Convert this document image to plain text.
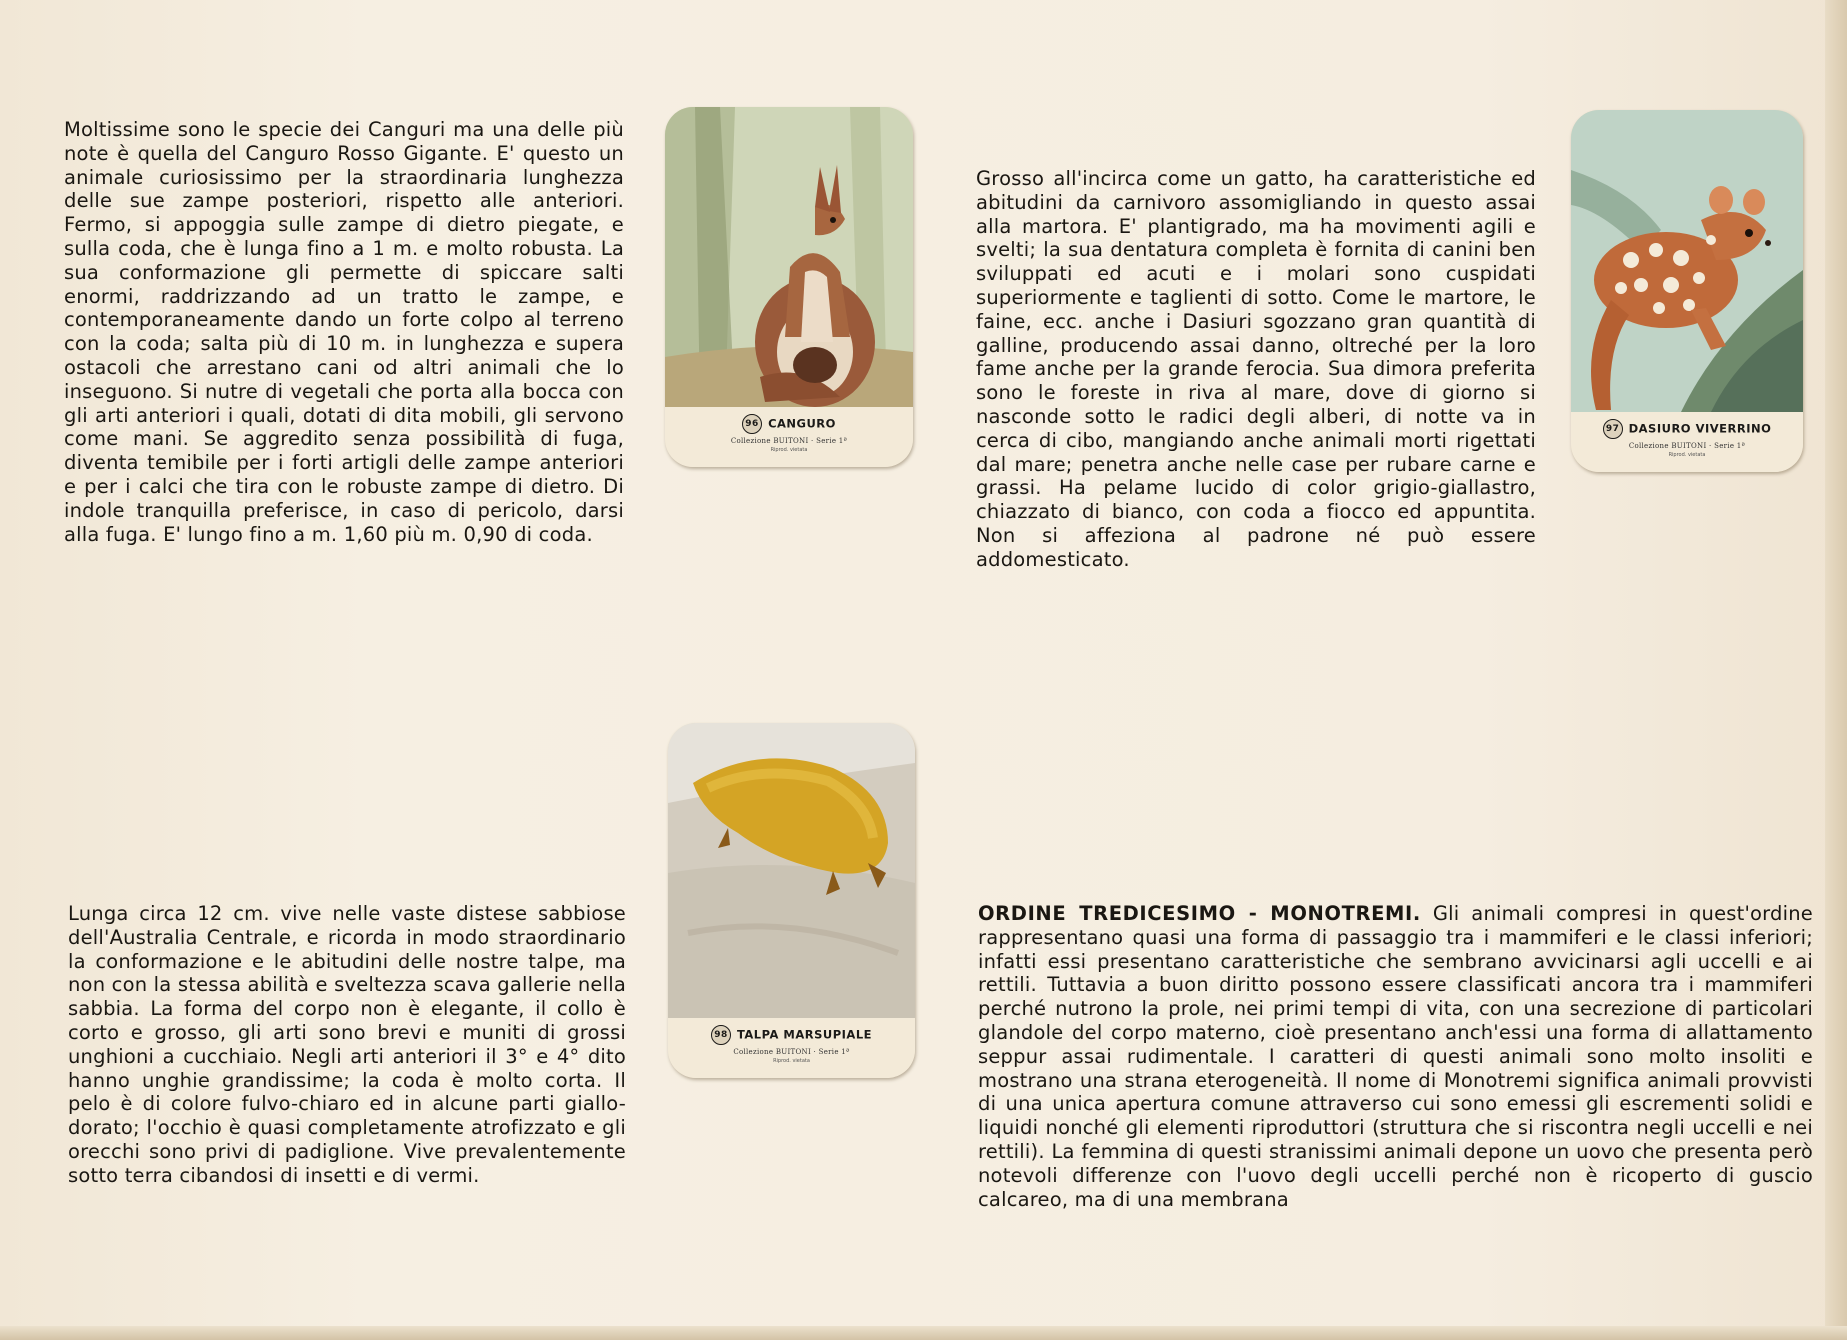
Moltissime sono le specie dei Canguri ma una delle più note è quella del Canguro Rosso Gigante. E' questo un animale curiosissimo per la straordinaria lunghezza delle sue zampe posteriori, rispetto alle anteriori. Fermo, si appoggia sulle zampe di dietro piegate, e sulla coda, che è lunga fino a 1 m. e molto robusta. La sua conformazione gli permette di spiccare salti enormi, raddrizzando ad un tratto le zampe, e contemporaneamente dando un forte colpo al terreno con la coda; salta più di 10 m. in lunghezza e supera ostacoli che arrestano cani od altri animali che lo inseguono. Si nutre di vegetali che porta alla bocca con gli arti anteriori i quali, dotati di dita mobili, gli servono come mani. Se aggredito senza possibilità di fuga, diventa temibile per i forti artigli delle zampe anteriori e per i calci che tira con le robuste zampe di dietro. Di indole tranquilla preferisce, in caso di pericolo, darsi alla fuga. E' lungo fino a m. 1,60 più m. 0,90 di coda.

96 CANGURO
Collezione BUITONI · Serie 1ª
Riprod. vietata

Grosso all'incirca come un gatto, ha caratteristiche ed abitudini da carnivoro assomigliando in questo assai alla martora. E' plantigrado, ma ha movimenti agili e svelti; la sua dentatura completa è fornita di canini ben sviluppati ed acuti e i molari sono cuspidati superiormente e taglienti di sotto. Come le martore, le faine, ecc. anche i Dasiuri sgozzano gran quantità di galline, producendo assai danno, oltreché per la loro fame anche per la grande ferocia. Sua dimora preferita sono le foreste in riva al mare, dove di giorno si nasconde sotto le radici degli alberi, di notte va in cerca di cibo, mangiando anche animali morti rigettati dal mare; penetra anche nelle case per rubare carne e grassi. Ha pelame lucido di color grigio-giallastro, chiazzato di bianco, con coda a fiocco ed appuntita. Non si affeziona al padrone né può essere addomesticato.

97 DASIURO VIVERRINO
Collezione BUITONI · Serie 1ª
Riprod. vietata
98 TALPA MARSUPIALE
Collezione BUITONI · Serie 1ª
Riprod. vietata

Lunga circa 12 cm. vive nelle vaste distese sabbiose dell'Australia Centrale, e ricorda in modo straordinario la conformazione e le abitudini delle nostre talpe, ma non con la stessa abilità e sveltezza scava gallerie nella sabbia. La forma del corpo non è elegante, il collo è corto e grosso, gli arti sono brevi e muniti di grossi unghioni a cucchiaio. Negli arti anteriori il 3° e 4° dito hanno unghie grandissime; la coda è molto corta. Il pelo è di colore fulvo-chiaro ed in alcune parti giallo-dorato; l'occhio è quasi completamente atrofizzato e gli orecchi sono privi di padiglione. Vive prevalentemente sotto terra cibandosi di insetti e di vermi.

ORDINE TREDICESIMO - MONOTREMI. Gli animali compresi in quest'ordine rappresentano quasi una forma di passaggio tra i mammiferi e le classi inferiori; infatti essi presentano caratteristiche che sembrano avvicinarsi agli uccelli e ai rettili. Tuttavia a buon diritto possono essere classificati ancora tra i mammiferi perché nutrono la prole, nei primi tempi di vita, con una secrezione di particolari glandole del corpo materno, cioè presentano anch'essi una forma di allattamento seppur assai rudimentale. I caratteri di questi animali sono molto insoliti e mostrano una strana eterogeneità. Il nome di Monotremi significa animali provvisti di una unica apertura comune attraverso cui sono emessi gli escrementi solidi e liquidi nonché gli elementi riproduttori (struttura che si riscontra negli uccelli e nei rettili). La femmina di questi stranissimi animali depone un uovo che presenta però notevoli differenze con l'uovo degli uccelli perché non è ricoperto di guscio calcareo, ma di una membrana
